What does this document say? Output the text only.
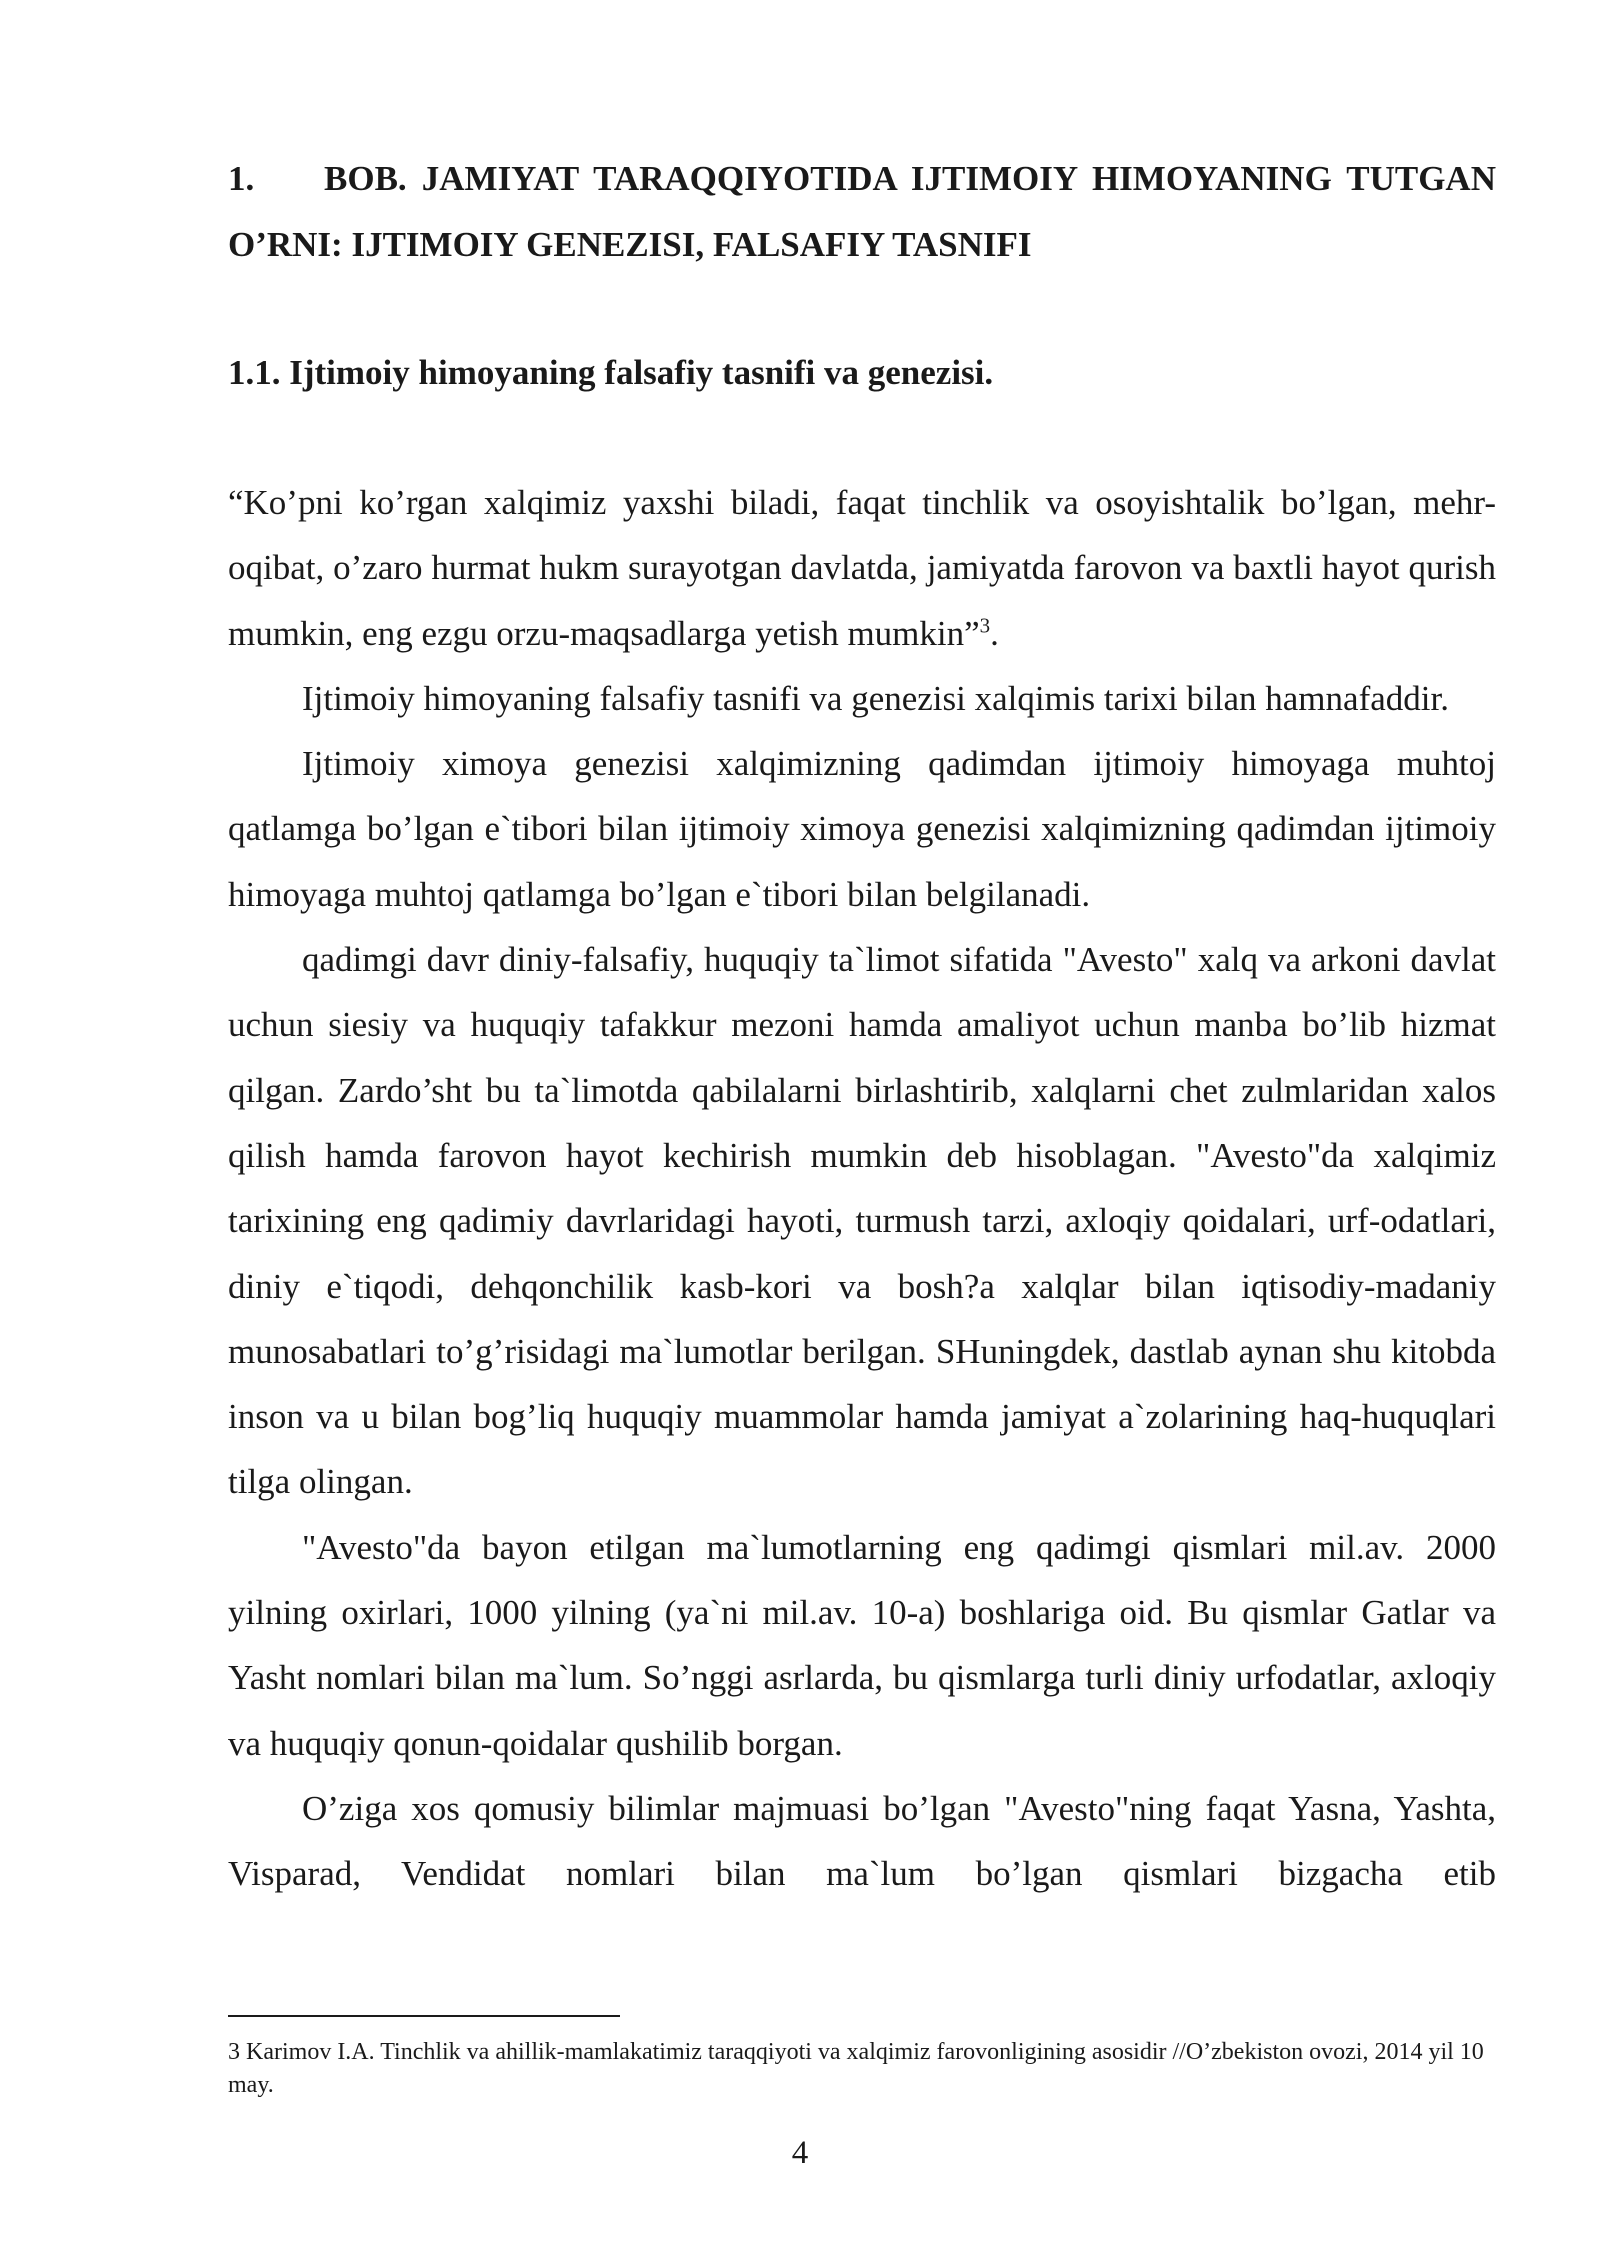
1. BOB. JAMIYAT TARAQQIYOTIDA IJTIMOIY HIMOYANING TUTGAN O’RNI: IJTIMOIY GENEZISI, FALSAFIY TASNIFI
1.1. Ijtimoiy himoyaning falsafiy tasnifi va genezisi.

“Ko’pni ko’rgan xalqimiz yaxshi biladi, faqat tinchlik va osoyishtalik bo’lgan, mehr-oqibat, o’zaro hurmat hukm surayotgan davlatda, jamiyatda farovon va baxtli hayot qurish mumkin, eng ezgu orzu-maqsadlarga yetish mumkin”$^3$.

Ijtimoiy himoyaning falsafiy tasnifi va genezisi xalqimis tarixi bilan hamnafaddir.

Ijtimoiy ximoya genezisi xalqimizning qadimdan ijtimoiy himoyaga muhtoj qatlamga bo’lgan e`tibori bilan ijtimoiy ximoya genezisi xalqimizning qadimdan ijtimoiy himoyaga muhtoj qatlamga bo’lgan e`tibori bilan belgilanadi.

qadimgi davr diniy-falsafiy, huquqiy ta`limot sifatida "Avesto" xalq va arkoni davlat uchun siesiy va huquqiy tafakkur mezoni hamda amaliyot uchun manba bo’lib hizmat qilgan. Zardo’sht bu ta`limotda qabilalarni birlashtirib, xalqlarni chet zulmlaridan xalos qilish hamda farovon hayot kechirish mumkin deb hisoblagan. "Avesto"da xalqimiz tarixining eng qadimiy davrlaridagi hayoti, turmush tarzi, axloqiy qoidalari, urf-odatlari, diniy e`tiqodi, dehqonchilik kasb-kori va bosh?a xalqlar bilan iqtisodiy-madaniy munosabatlari to’g’risidagi ma`lumotlar berilgan. SHuningdek, dastlab aynan shu kitobda inson va u bilan bog’liq huquqiy muammolar hamda jamiyat a`zolarining haq-huquqlari tilga olingan.

"Avesto"da bayon etilgan ma`lumotlarning eng qadimgi qismlari mil.av. 2000 yilning oxirlari, 1000 yilning (ya`ni mil.av. 10-a) boshlariga oid. Bu qismlar Gatlar va Yasht nomlari bilan ma`lum. So’nggi asrlarda, bu qismlarga turli diniy urfodatlar, axloqiy va huquqiy qonun-qoidalar qushilib borgan.

O’ziga xos qomusiy bilimlar majmuasi bo’lgan "Avesto"ning faqat Yasna, Yashta, Visparad, Vendidat nomlari bilan ma`lum bo’lgan qismlari bizgacha etib

3 Karimov I.A. Tinchlik va ahillik-mamlakatimiz taraqqiyoti va xalqimiz farovonligining asosidir //O’zbekiston ovozi, 2014 yil 10 may.

4
